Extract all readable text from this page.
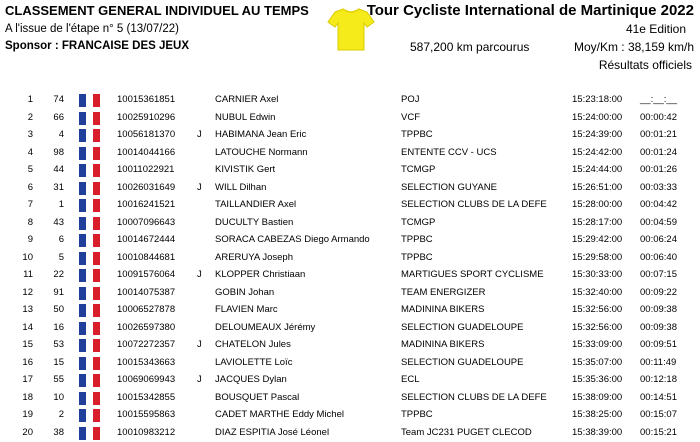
CLASSEMENT GENERAL INDIVIDUEL AU TEMPS
A l'issue de l'étape n° 5 (13/07/22)
Sponsor : FRANCAISE DES JEUX
Tour Cycliste International de Martinique 2022
41e Edition
587,200 km parcourus	Moy/Km : 38,159 km/h
Résultats officiels
1 74	10015361851	CARNIER Axel	POJ	15:23:18:00 __:__:__
2 66	10025910296	NUBUL Edwin	VCF	15:24:00:00 00:00:42
3	4	10056181370 J HABIMANA Jean Eric	TPPBC	15:24:39:00 00:01:21
4 98	10014044166	LATOUCHE Normann	ENTENTE CCV - UCS	15:24:42:00 00:01:24
5 44	10011022921	KIVISTIK Gert	TCMGP	15:24:44:00 00:01:26
6 31	10026031649 J WILL Dilhan	SELECTION GUYANE	15:26:51:00 00:03:33
7	1	10016241521	TAILLANDIER Axel	SELECTION CLUBS DE LA DEFE	15:28:00:00 00:04:42
8 43	10007096643	DUCULTY Bastien	TCMGP	15:28:17:00 00:04:59
9	6	10014672444	SORACA CABEZAS Diego Armando	TPPBC	15:29:42:00 00:06:24
10	5	10010844681	ARERUYA Joseph	TPPBC	15:29:58:00 00:06:40
11 22	10091576064 J KLOPPER Christiaan	MARTIGUES SPORT CYCLISME	15:30:33:00 00:07:15
12 91	10014075387	GOBIN Johan	TEAM ENERGIZER	15:32:40:00 00:09:22
13 50	10006527878	FLAVIEN Marc	MADININA BIKERS	15:32:56:00 00:09:38
14 16	10026597380	DELOUMEAUX Jérémy	SELECTION GUADELOUPE	15:32:56:00 00:09:38
15 53	10072272357 J CHATELON Jules	MADININA BIKERS	15:33:09:00 00:09:51
16 15	10015343663	LAVIOLETTE Loïc	SELECTION GUADELOUPE	15:35:07:00 00:11:49
17 55	10069069943 J JACQUES Dylan	ECL	15:35:36:00 00:12:18
18 10	10015342855	BOUSQUET Pascal	SELECTION CLUBS DE LA DEFE	15:38:09:00 00:14:51
19	2	10015595863	CADET MARTHE Eddy Michel	TPPBC	15:38:25:00 00:15:07
20 38	10010983212	DIAZ ESPITIA José Léonel	Team JC231 PUGET CLECOD	15:38:39:00 00:15:21
